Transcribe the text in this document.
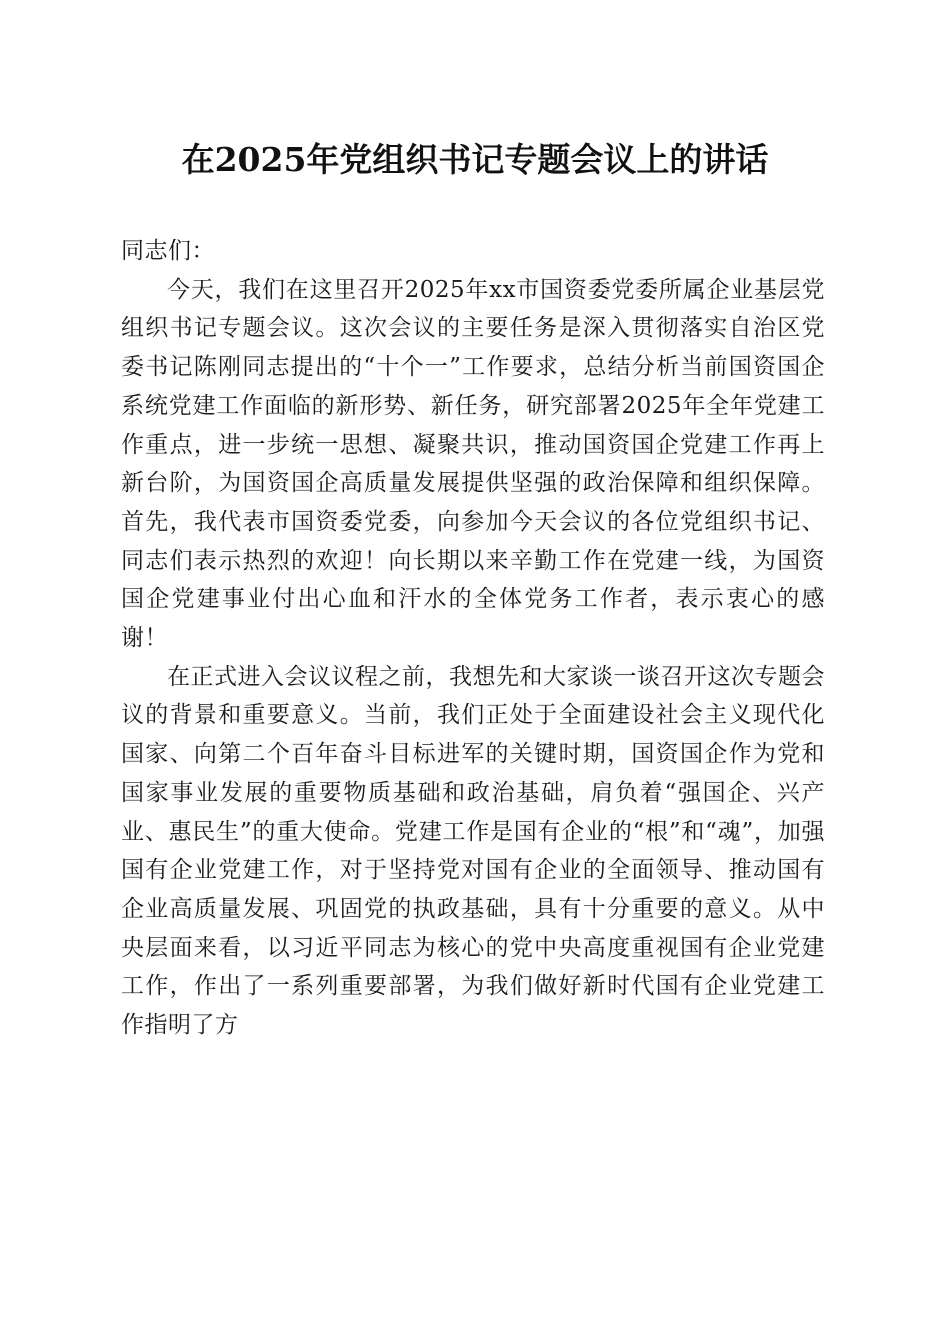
在2025年党组织书记专题会议上的讲话

同志们：

今天，我们在这里召开2025年xx市国资委党委所属企业基层党组织书记专题会议。这次会议的主要任务是深入贯彻落实自治区党委书记陈刚同志提出的“十个一”工作要求，总结分析当前国资国企系统党建工作面临的新形势、新任务，研究部署2025年全年党建工作重点，进一步统一思想、凝聚共识，推动国资国企党建工作再上新台阶，为国资国企高质量发展提供坚强的政治保障和组织保障。首先，我代表市国资委党委，向参加今天会议的各位党组织书记、同志们表示热烈的欢迎！向长期以来辛勤工作在党建一线，为国资国企党建事业付出心血和汗水的全体党务工作者，表示衷心的感谢！

在正式进入会议议程之前，我想先和大家谈一谈召开这次专题会议的背景和重要意义。当前，我们正处于全面建设社会主义现代化国家、向第二个百年奋斗目标进军的关键时期，国资国企作为党和国家事业发展的重要物质基础和政治基础，肩负着“强国企、兴产业、惠民生”的重大使命。党建工作是国有企业的“根”和“魂”，加强国有企业党建工作，对于坚持党对国有企业的全面领导、推动国有企业高质量发展、巩固党的执政基础，具有十分重要的意义。从中央层面来看，以习近平同志为核心的党中央高度重视国有企业党建工作，作出了一系列重要部署，为我们做好新时代国有企业党建工作指明了方
